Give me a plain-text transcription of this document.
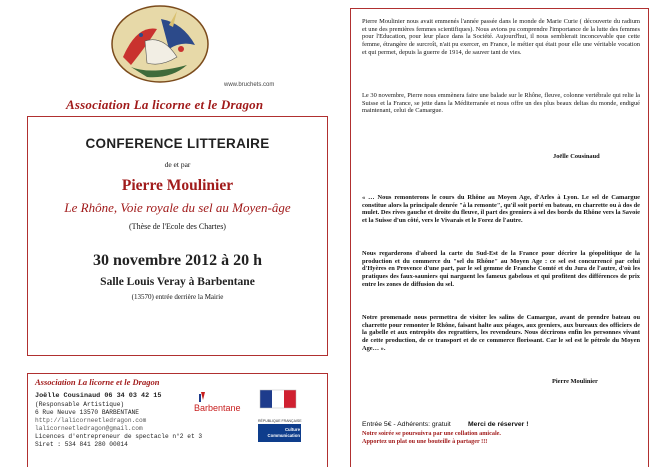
www.bruchets.com
Association La licorne et le Dragon
CONFERENCE LITTERAIRE
de et par
Pierre Moulinier
Le Rhône, Voie royale du sel au Moyen-âge
(Thèse de l'Ecole des Chartes)
30 novembre 2012 à 20 h
Salle Louis Veray à Barbentane
(13570) entrée derrière la Mairie
Association La licorne et le Dragon
Joëlle Cousinaud 06 34 03 42 15
(Responsable Artistique)
6 Rue Neuve 13570 BARBENTANE
http://lalicorneetledragon.com
lalicorneetledragon@gmail.com
Licences d'entrepreneur de spectacle n°2 et 3
Siret : 534 841 280 00014
Barbentane
RÉPUBLIQUE FRANÇAISE
Culture Communication
Pierre Moulinier nous avait emmenés l'année passée dans le monde de Marie Curie ( découverte du radium et une des premières femmes scientifiques). Nous avions pu comprendre l'importance de la lutte des femmes pour l'Education, pour leur place dans la Société. Aujourd'hui, il nous semblerait inconcevable que cette femme, étrangère de surcroît, n'ait pu exercer, en France, le métier qui était pour elle une véritable vocation et qui permet, depuis la guerre de 1914, de sauver tant de vies.
Le 30 novembre, Pierre nous emmènera faire une balade sur le Rhône, fleuve, colonne vertébrale qui relie la Suisse et la France, se jette dans la Méditerranée et nous offre un des plus beaux deltas du monde, endigué maintenant, celui de Camargue.
Joëlle Cousinaud
« … Nous remonterons le cours du Rhône au Moyen Age, d'Arles à Lyon. Le sel de Camargue constitue alors la principale denrée "à la remonte", qu'il soit porté en bateau, en charrette ou à dos de mulet. Des rives gauche et droite du fleuve, il part des greniers à sel des bords du Rhône vers la Savoie et la Suisse d'un côté, vers le Vivarais et le Forez de l'autre.
Nous regarderons d'abord la carte du Sud-Est de la France pour décrire la géopolitique de la production et du commerce du "sel du Rhône" au Moyen Age : ce sel est concurrencé par celui d'Hyères en Provence d'une part, par le sel gemme de Franche Comté et du Jura de l'autre, d'où les pratiques des faux-sauniers qui narguent les fameux gabelous et qui profitent des différences de prix entre les zones de diffusion du sel.
Notre promenade nous permettra de visiter les salins de Camargue, avant de prendre bateau ou charrette pour remonter le Rhône, faisant halte aux péages, aux greniers, aux bureaux des officiers de la gabelle et aux entrepôts des regrattiers, les revendeurs. Nous décrirons enfin les personnes vivant de cette production, de ce transport et de ce commerce florissant. Car le sel est le pétrole du Moyen Age… ».
Pierre Moulinier
Entrée 5€ - Adhérents: gratuit	Merci de réserver !
Notre soirée se poursuivra par une collation amicale.
Apportez un plat ou une bouteille à partager !!!
